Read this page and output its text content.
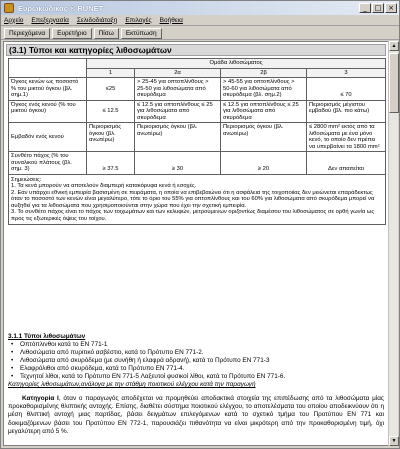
Ευρωκώδικας ® RUNET	_	□ ×
Αρχείο Επεξεργασία Σελιδοδιάταξη Επιλογές Βοήθεια
Περιεχόμενα	Ευρετήριο	Πίσω	Εκτύπωση
(3.1) Τύποι και κατηγορίες λιθοσωμάτων
	Ομάδα λιθοσώματος			
	1	2α	2β	3
Όγκος κενών ως ποσοστό % του μικτού όγκου (βλ. σημ.1)	≤25	> 25-45 για οπτοπλίνθους > 25-50 για λιθοσώματα από σκυρόδεμα	> 45-55 για οπτοπλίνθους > 50-60 για λιθοσώματα από σκυρόδεμα (βλ. σημ.2)	≤ 70
Όγκος ενός κενού (% του μικτού όγκου)	≤ 12.5	≤ 12.5 για οπτοπλίνθους ≤ 25 για λιθοσώματα από σκυρόδεμα	≤ 12.5 για οπτοπλίνθους ≤ 25 για λιθοσώματα από σκυρόδεμα	Περιορισμός μέγιστου εμβαδού (βλ. πιο κάτω)
Εμβαδόν ενός κενού	Περιορισμός όγκου (βλ. ανωτέρω)	Περιορισμός όγκου (βλ. ανωτέρω)	Περιορισμός όγκου (βλ. ανωτέρω)	≤ 2800 mm² εκτός από τα λιθοσώματα με ένα μόνο κενό, το οποίο δεν πρέπει να υπερβαίνει τα 1800 mm²
Συνθέτο πάχος (% του συναλικού πλάτους (βλ. σημ. 3)	≥ 37.5	≥ 30	≥ 20	Δεν απαιτείται

Σημειώσεις:
1. Τα κενά μπορούν να αποτελούν διαμπερή κατακόρυφα κενά ή εσοχές.
2. Εάν υπάρχει εθνική εμπειρία βασισμένη σε πειράματα, η οποία να επιβεβαιώνει ότι η ασφάλεια της τοιχοποιίας δεν μειώνεται επαράδεκτως όταν το ποσοστό των κενών είναι μεγαλύτερο, τότε το όριο του 55% για οπτοπλίνθους και του 60% για λιθοσώματα από σκυρόδεμα μπορεί να αυξηθεί για τα λιθοσώματα που χρησιμοποιούνται στην χώρα που έχει την σχετική εμπειρία.
3. Το συνθέτο πάχος είναι το πάχος των τοιχωμάτων και των κελυφών, μετρούμενων οριζοντίως διαμέσου του λιθοσώματος σε ορθή γωνία ως προς τις εξωτερικές όψεις του τοίχου.				
3.1.1 Τύποι λιθοσωμάτων
• Οπτόπλινθοι κατά το EN 771-1
• Λιθοσώματα από πυριτικό ασβέστιο, κατά το Πρότυπο EN 771-2.
• Λιθοσώματα από σκυρόδεμα (με συνήθη ή ελαφρά αδρανή), κατά το Πρότυπο EN 771-3
• Ελαφρόλιθοι από σκυρόδεμα, κατά το Πρότυπο EN 771-4.
• Τεχνητοί λίθοι, κατά το Πρότυπο EN 771-5 Λαξευτοί φυσικοί λίθοι, κατά το Πρότυπο EN 771-6.
Κατηγορίες λιθοσωμάτων,ανάλογα με την στάθμη ποιοτικού ελέγχου κατά την παραγωγή
Κατηγορία Ι, όταν ο παραγωγός αποδέχεται να προμηθεύει αποδακτικά στοιχεία της επιπέδωσης από τα λιθοσώματα μίας προκαθορισμένης θλιπτικής αντοχής. Επίσης, διαθέτει σύστημα ποιοτικού ελέγχου, το αποτελέσματα του οποίου αποδεικνύουν ότι η μέση θλιπτική αντοχή μιας παρτίδας, βάσει δειγμάτων επιλεγόμενων κατά το σχετικό τμήμα του Προτύπου EN 771 και δοκιμαζόμενων βάσει του Προτύπου EN 772-1, παρουσιάζει πιθανότητα να είναι μικρότερη από την προκαθορισμένη τιμή, όχι μεγαλύτερη από 5 %.
▲
▼
